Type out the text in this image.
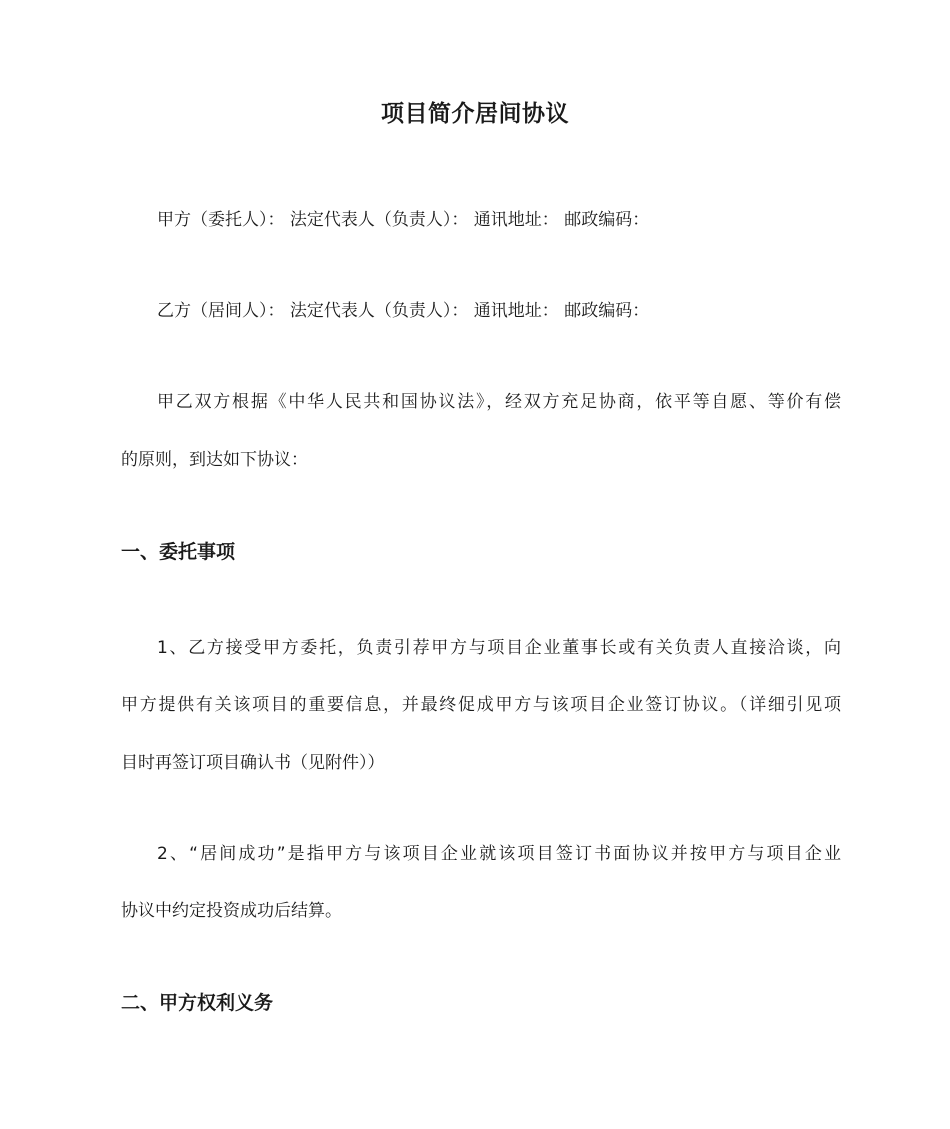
项目简介居间协议
甲方（委托人）： 法定代表人（负责人）： 通讯地址： 邮政编码：
乙方（居间人）： 法定代表人（负责人）： 通讯地址： 邮政编码：
甲乙双方根据《中华人民共和国协议法》，经双方充足协商，依平等自愿、等价有偿
的原则，到达如下协议：
一、委托事项
1、乙方接受甲方委托，负责引荐甲方与项目企业董事长或有关负责人直接洽谈，向
甲方提供有关该项目的重要信息，并最终促成甲方与该项目企业签订协议。（详细引见项
目时再签订项目确认书（见附件））
2、“居间成功”是指甲方与该项目企业就该项目签订书面协议并按甲方与项目企业
协议中约定投资成功后结算。
二、甲方权利义务
